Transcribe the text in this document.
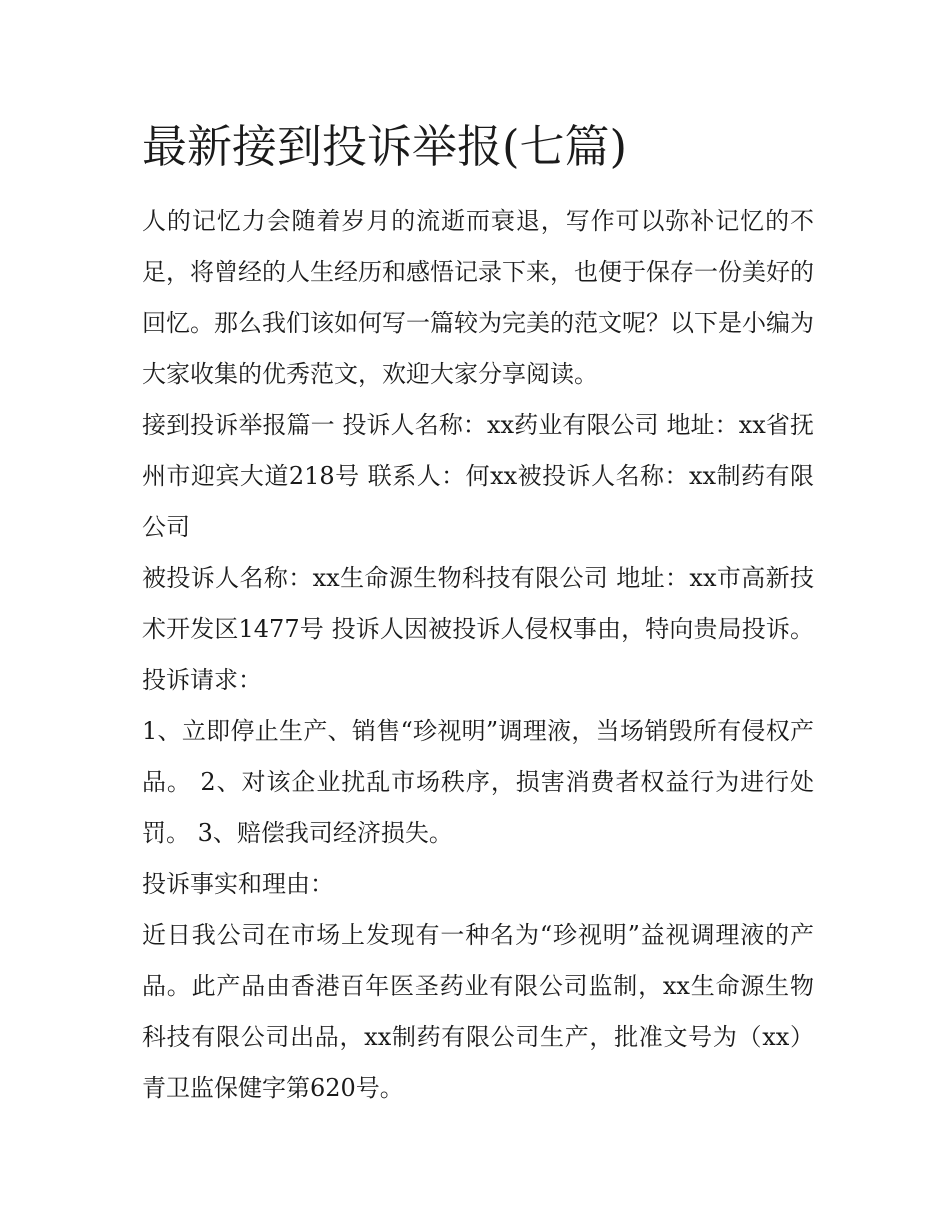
最新接到投诉举报(七篇)

人的记忆力会随着岁月的流逝而衰退，写作可以弥补记忆的不足，将曾经的人生经历和感悟记录下来，也便于保存一份美好的回忆。那么我们该如何写一篇较为完美的范文呢？以下是小编为大家收集的优秀范文，欢迎大家分享阅读。

接到投诉举报篇一 投诉人名称：xx药业有限公司 地址：xx省抚州市迎宾大道218号 联系人：何xx被投诉人名称：xx制药有限公司

被投诉人名称：xx生命源生物科技有限公司 地址：xx市高新技术开发区1477号 投诉人因被投诉人侵权事由，特向贵局投诉。 投诉请求：

1、立即停止生产、销售“珍视明”调理液，当场销毁所有侵权产品。 2、对该企业扰乱市场秩序，损害消费者权益行为进行处罚。 3、赔偿我司经济损失。

投诉事实和理由：

近日我公司在市场上发现有一种名为“珍视明”益视调理液的产品。此产品由香港百年医圣药业有限公司监制，xx生命源生物科技有限公司出品，xx制药有限公司生产，批准文号为（xx）青卫监保健字第620号。
